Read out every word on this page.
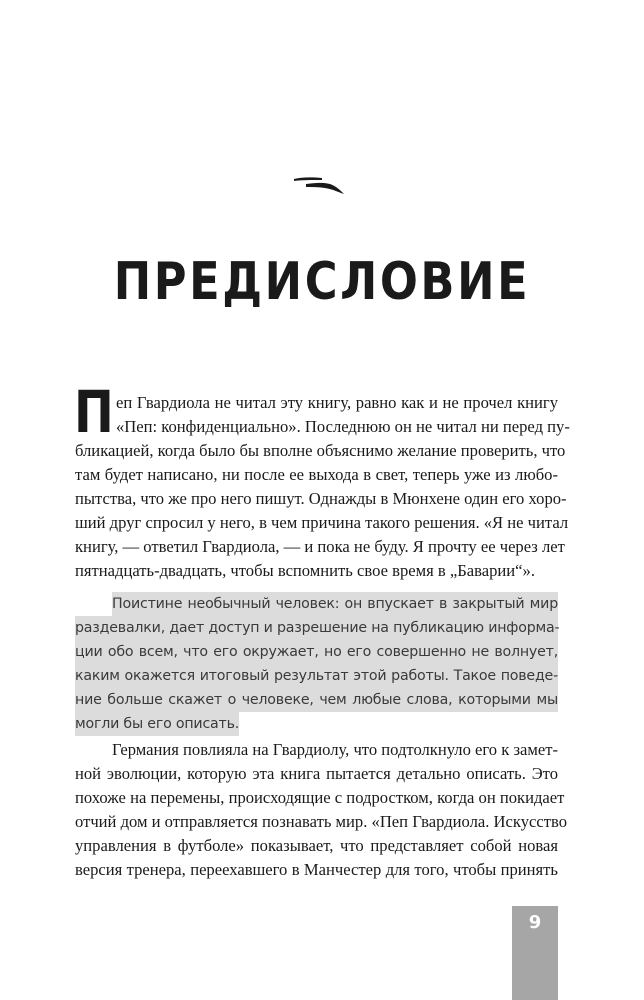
ПРЕДИСЛОВИЕ
П еп Гвардиола не читал эту книгу, равно как и не прочел книгу
«Пеп: конфиденциально». Последнюю он не читал ни перед пу-
бликацией, когда было бы вполне объяснимо желание проверить, что
там будет написано, ни после ее выхода в свет, теперь уже из любо-
пытства, что же про него пишут. Однажды в Мюнхене один его хоро-
ший друг спросил у него, в чем причина такого решения. «Я не читал
книгу, — ответил Гвардиола, — и пока не буду. Я прочту ее через лет
пятнадцать-двадцать, чтобы вспомнить свое время в „Баварии“».
Поистине необычный человек: он впускает в закрытый мир
раздевалки, дает доступ и разрешение на публикацию информа-
ции обо всем, что его окружает, но его совершенно не волнует,
каким окажется итоговый результат этой работы. Такое поведе-
ние больше скажет о человеке, чем любые слова, которыми мы
могли бы его описать.
Германия повлияла на Гвардиолу, что подтолкнуло его к замет-
ной эволюции, которую эта книга пытается детально описать. Это
похоже на перемены, происходящие с подростком, когда он покидает
отчий дом и отправляется познавать мир. «Пеп Гвардиола. Искусство
управления в футболе» показывает, что представляет собой новая
версия тренера, переехавшего в Манчестер для того, чтобы принять
9
